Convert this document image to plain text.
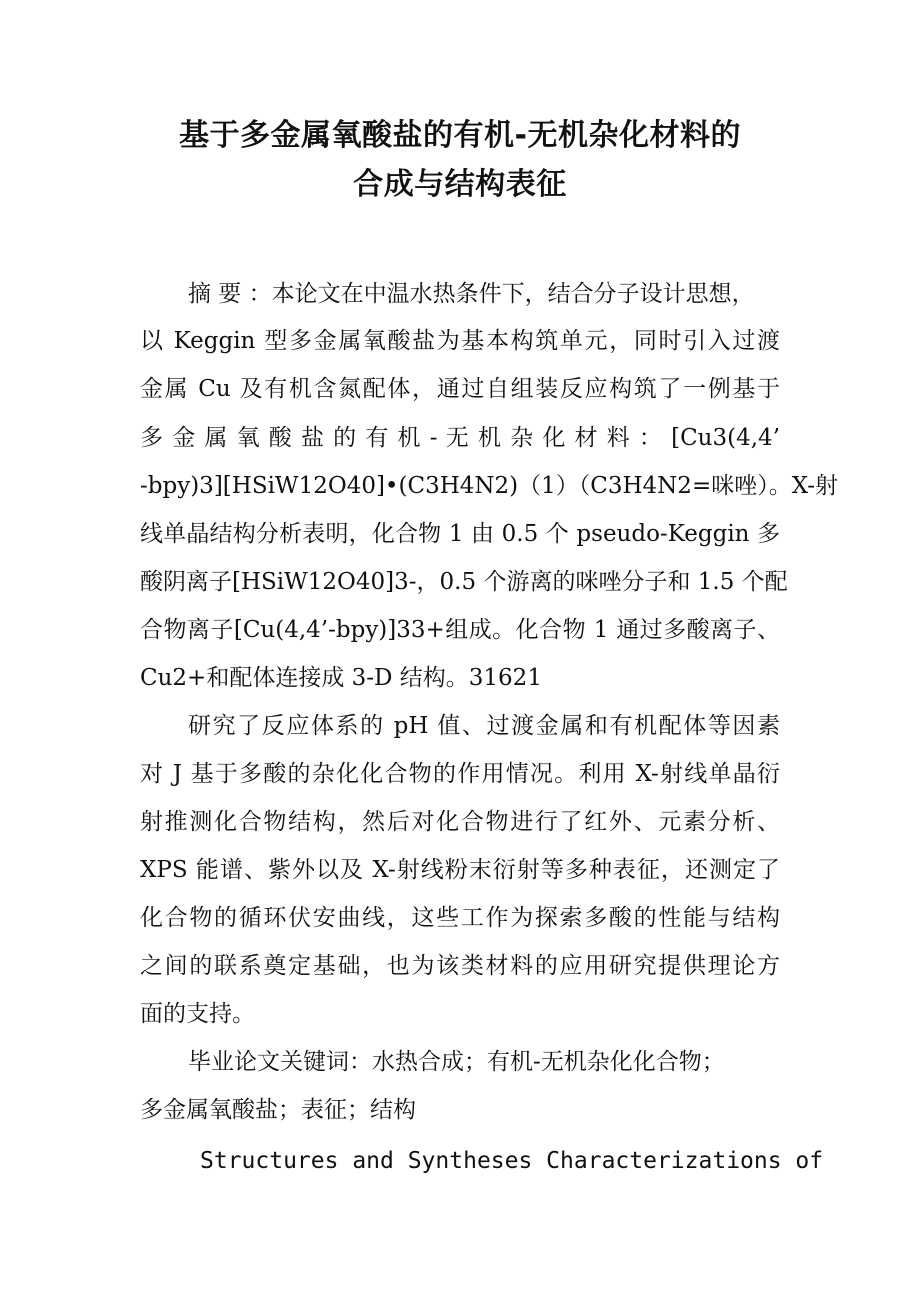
基于多金属氧酸盐的有机-无机杂化材料的
合成与结构表征
摘 要 ：本论文在中温水热条件下，结合分子设计思想，
以 Keggin 型多金属氧酸盐为基本构筑单元，同时引入过渡
金属 Cu 及有机含氮配体，通过自组装反应构筑了一例基于
多 金 属 氧 酸 盐 的 有 机 - 无 机 杂 化 材 料 ： [Cu3(4,4’
-bpy)3][HSiW12O40]•(C3H4N2)（1）（C3H4N2=咪唑）。X-射
线单晶结构分析表明，化合物 1 由 0.5 个 pseudo-Keggin 多
酸阴离子[HSiW12O40]3-，0.5 个游离的咪唑分子和 1.5 个配
合物离子[Cu(4,4’-bpy)]33+组成。化合物 1 通过多酸离子、
Cu2+和配体连接成 3-D 结构。31621
研究了反应体系的 pH 值、过渡金属和有机配体等因素
对 J 基于多酸的杂化化合物的作用情况。利用 X-射线单晶衍
射推测化合物结构，然后对化合物进行了红外、元素分析、
XPS 能谱、紫外以及 X-射线粉末衍射等多种表征，还测定了
化合物的循环伏安曲线，这些工作为探索多酸的性能与结构
之间的联系奠定基础，也为该类材料的应用研究提供理论方
面的支持。
毕业论文关键词：水热合成；有机-无机杂化化合物；
多金属氧酸盐；表征；结构
Structures and Syntheses Characterizations of
